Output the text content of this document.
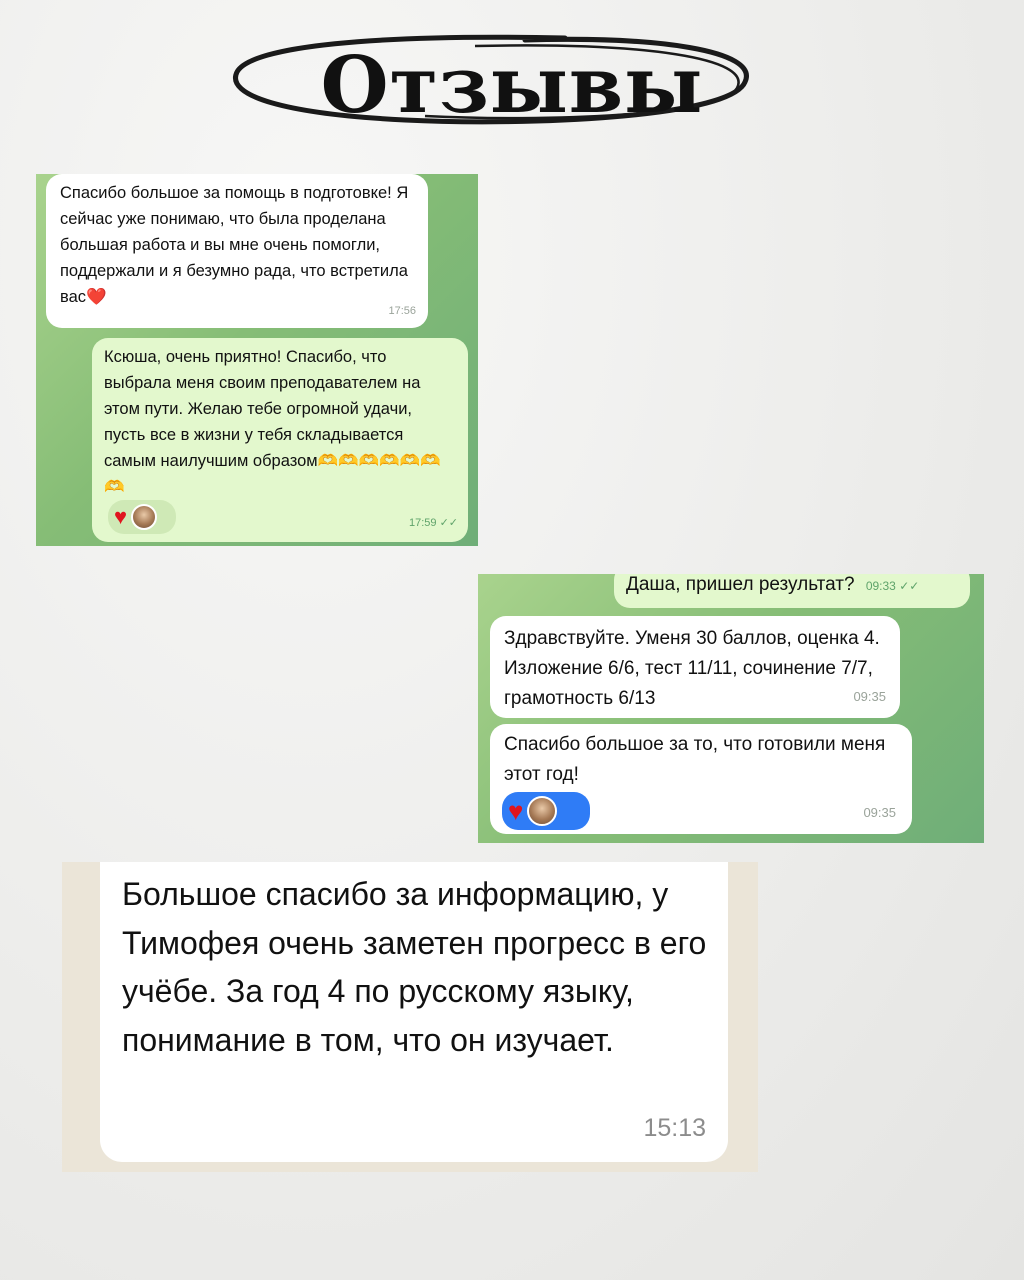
Отзывы
Спасибо большое за помощь в подготовке! Я сейчас уже понимаю, что была проделана большая работа и вы мне очень помогли, поддержали и я безумно рада, что встретила вас❤️
17:56
Ксюша, очень приятно! Спасибо, что выбрала меня своим преподавателем на этом пути. Желаю тебе огромной удачи, пусть все в жизни у тебя складывается самым наилучшим образом🫶🫶🫶🫶🫶🫶🫶
♥	17:59 ✓✓
Даша, пришел результат? 09:33 ✓✓
Здравствуйте. Уменя 30 баллов, оценка 4. Изложение 6/6, тест 11/11, сочинение 7/7, грамотность 6/13	09:35
Спасибо большое за то, что готовили меня этот год!
♥	09:35
Большое спасибо за информацию, у Тимофея очень заметен прогресс в его учёбе. За год 4 по русскому языку, понимание в том, что он изучает.
15:13
